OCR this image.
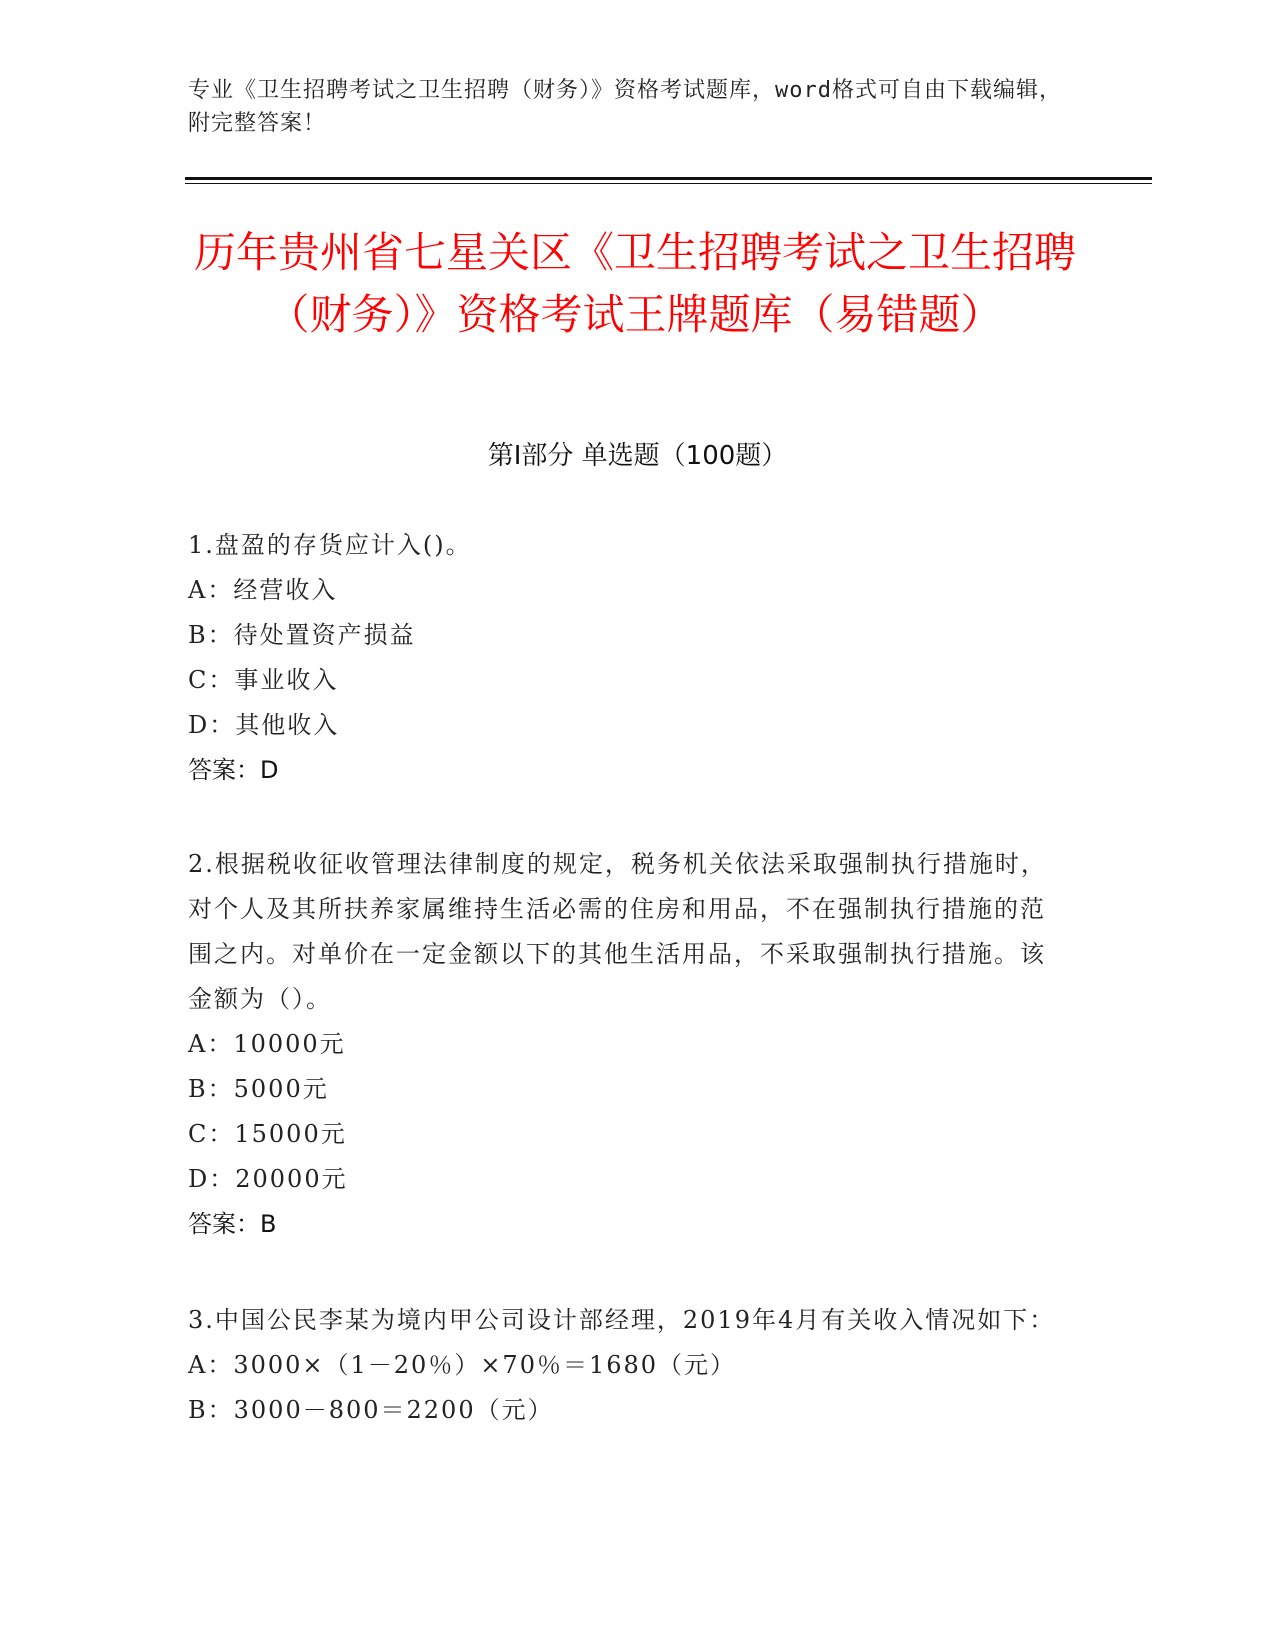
专业《卫生招聘考试之卫生招聘（财务）》资格考试题库，word格式可自由下载编辑，附完整答案！
历年贵州省七星关区《卫生招聘考试之卫生招聘（财务）》资格考试王牌题库（易错题）
第Ⅰ部分 单选题（100题）
1.盘盈的存货应计入()。
A：经营收入
B：待处置资产损益
C：事业收入
D：其他收入
答案：D
2.根据税收征收管理法律制度的规定，税务机关依法采取强制执行措施时，对个人及其所扶养家属维持生活必需的住房和用品，不在强制执行措施的范围之内。对单价在一定金额以下的其他生活用品，不采取强制执行措施。该金额为（）。
A：10000元
B：5000元
C：15000元
D：20000元
答案：B
3.中国公民李某为境内甲公司设计部经理，2019年4月有关收入情况如下：
A：3000×（1－20％）×70％＝1680（元）
B：3000－800＝2200（元）
